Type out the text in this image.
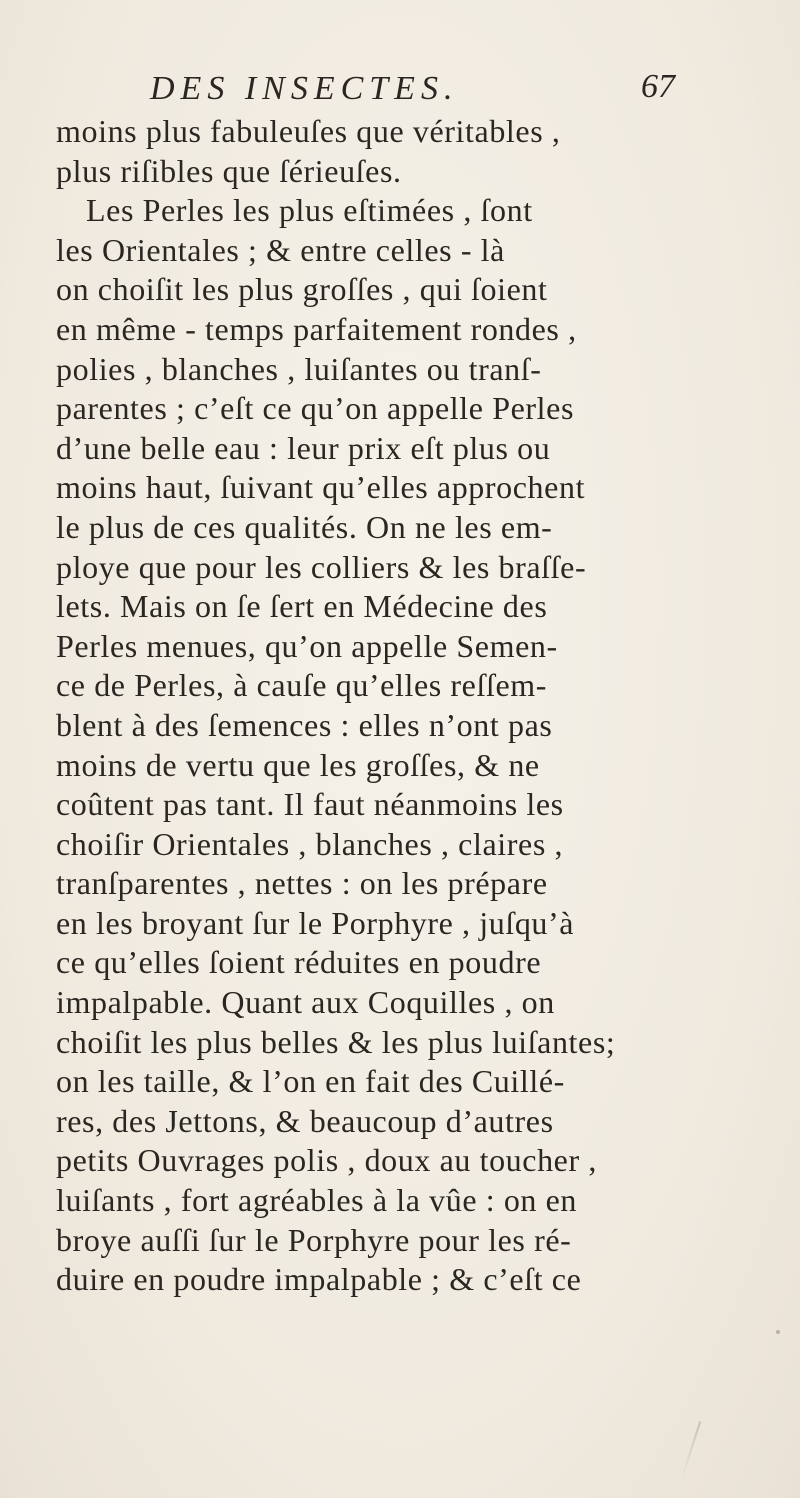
DES INSECTES.	67
moins plus fabuleuſes que véritables ,
plus riſibles que ſérieuſes.
Les Perles les plus eſtimées , ſont
les Orientales ; & entre celles - là
on choiſit les plus groſſes , qui ſoient
en même - temps parfaitement rondes ,
polies , blanches , luiſantes ou tranſ-
parentes ; c’eſt ce qu’on appelle Perles
d’une belle eau : leur prix eſt plus ou
moins haut, ſuivant qu’elles approchent
le plus de ces qualités. On ne les em-
ploye que pour les colliers & les braſſe-
lets. Mais on ſe ſert en Médecine des
Perles menues, qu’on appelle Semen-
ce de Perles, à cauſe qu’elles reſſem-
blent à des ſemences : elles n’ont pas
moins de vertu que les groſſes, & ne
coûtent pas tant. Il faut néanmoins les
choiſir Orientales , blanches , claires ,
tranſparentes , nettes : on les prépare
en les broyant ſur le Porphyre , juſqu’à
ce qu’elles ſoient réduites en poudre
impalpable. Quant aux Coquilles , on
choiſit les plus belles & les plus luiſantes;
on les taille, & l’on en fait des Cuillé-
res, des Jettons, & beaucoup d’autres
petits Ouvrages polis , doux au toucher ,
luiſants , fort agréables à la vûe : on en
broye auſſi ſur le Porphyre pour les ré-
duire en poudre impalpable ; & c’eſt ce
